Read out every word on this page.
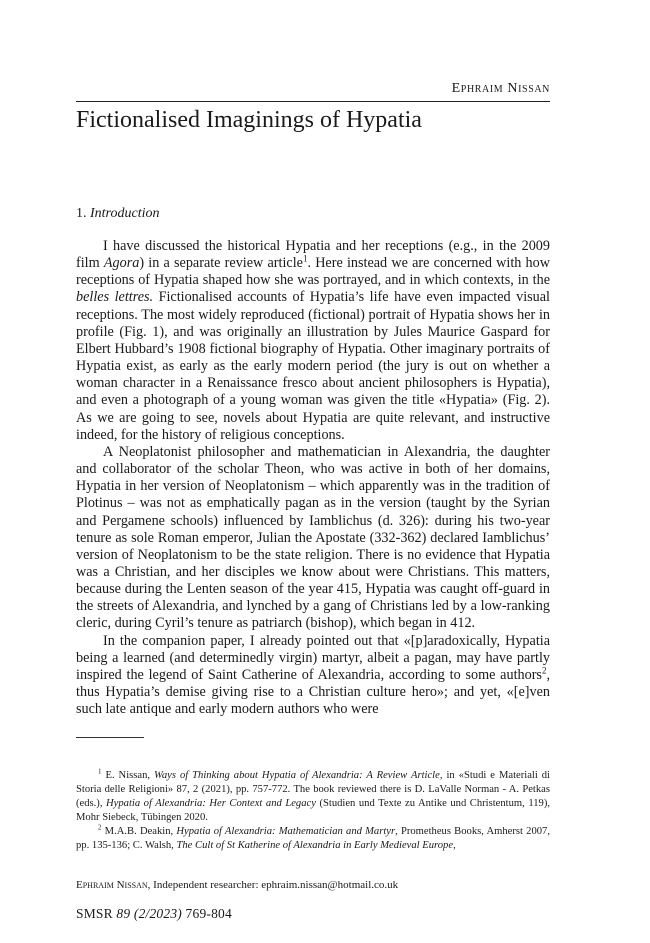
Ephraim Nissan
Fictionalised Imaginings of Hypatia
1. Introduction

I have discussed the historical Hypatia and her receptions (e.g., in the 2009 film Agora) in a separate review article$^1$. Here instead we are concerned with how receptions of Hypatia shaped how she was portrayed, and in which contexts, in the belles lettres. Fictionalised accounts of Hypatia’s life have even impacted visual receptions. The most widely reproduced (fictional) portrait of Hypatia shows her in profile (Fig. 1), and was originally an illustration by Jules Maurice Gaspard for Elbert Hubbard’s 1908 fictional biography of Hypatia. Other imaginary portraits of Hypatia exist, as early as the early modern period (the jury is out on whether a woman character in a Renaissance fresco about ancient philosophers is Hypatia), and even a photograph of a young woman was given the title «Hypatia» (Fig. 2). As we are going to see, novels about Hypatia are quite relevant, and instructive indeed, for the history of religious conceptions.

A Neoplatonist philosopher and mathematician in Alexandria, the daughter and collaborator of the scholar Theon, who was active in both of her domains, Hypatia in her version of Neoplatonism – which apparently was in the tradition of Plotinus – was not as emphatically pagan as in the version (taught by the Syrian and Pergamene schools) influenced by Iamblichus (d. 326): during his two-year tenure as sole Roman emperor, Julian the Apostate (332-362) declared Iamblichus’ version of Neoplatonism to be the state religion. There is no evidence that Hypatia was a Christian, and her disciples we know about were Christians. This matters, because during the Lenten season of the year 415, Hypatia was caught off-guard in the streets of Alexandria, and lynched by a gang of Christians led by a low-ranking cleric, during Cyril’s tenure as patriarch (bishop), which began in 412.

In the companion paper, I already pointed out that «[p]aradoxically, Hypatia being a learned (and determinedly virgin) martyr, albeit a pagan, may have partly inspired the legend of Saint Catherine of Alexandria, according to some authors$^2$, thus Hypatia’s demise giving rise to a Christian culture hero»; and yet, «[e]ven such late antique and early modern authors who were

$^1$ E. Nissan, Ways of Thinking about Hypatia of Alexandria: A Review Article, in «Studi e Materiali di Storia delle Religioni» 87, 2 (2021), pp. 757-772. The book reviewed there is D. LaValle Norman - A. Petkas (eds.), Hypatia of Alexandria: Her Context and Legacy (Studien und Texte zu Antike und Christentum, 119), Mohr Siebeck, Tübingen 2020.

$^2$ M.A.B. Deakin, Hypatia of Alexandria: Mathematician and Martyr, Prometheus Books, Amherst 2007, pp. 135-136; C. Walsh, The Cult of St Katherine of Alexandria in Early Medieval Europe,

Ephraim Nissan, Independent researcher: ephraim.nissan@hotmail.co.uk
SMSR 89 (2/2023) 769-804
